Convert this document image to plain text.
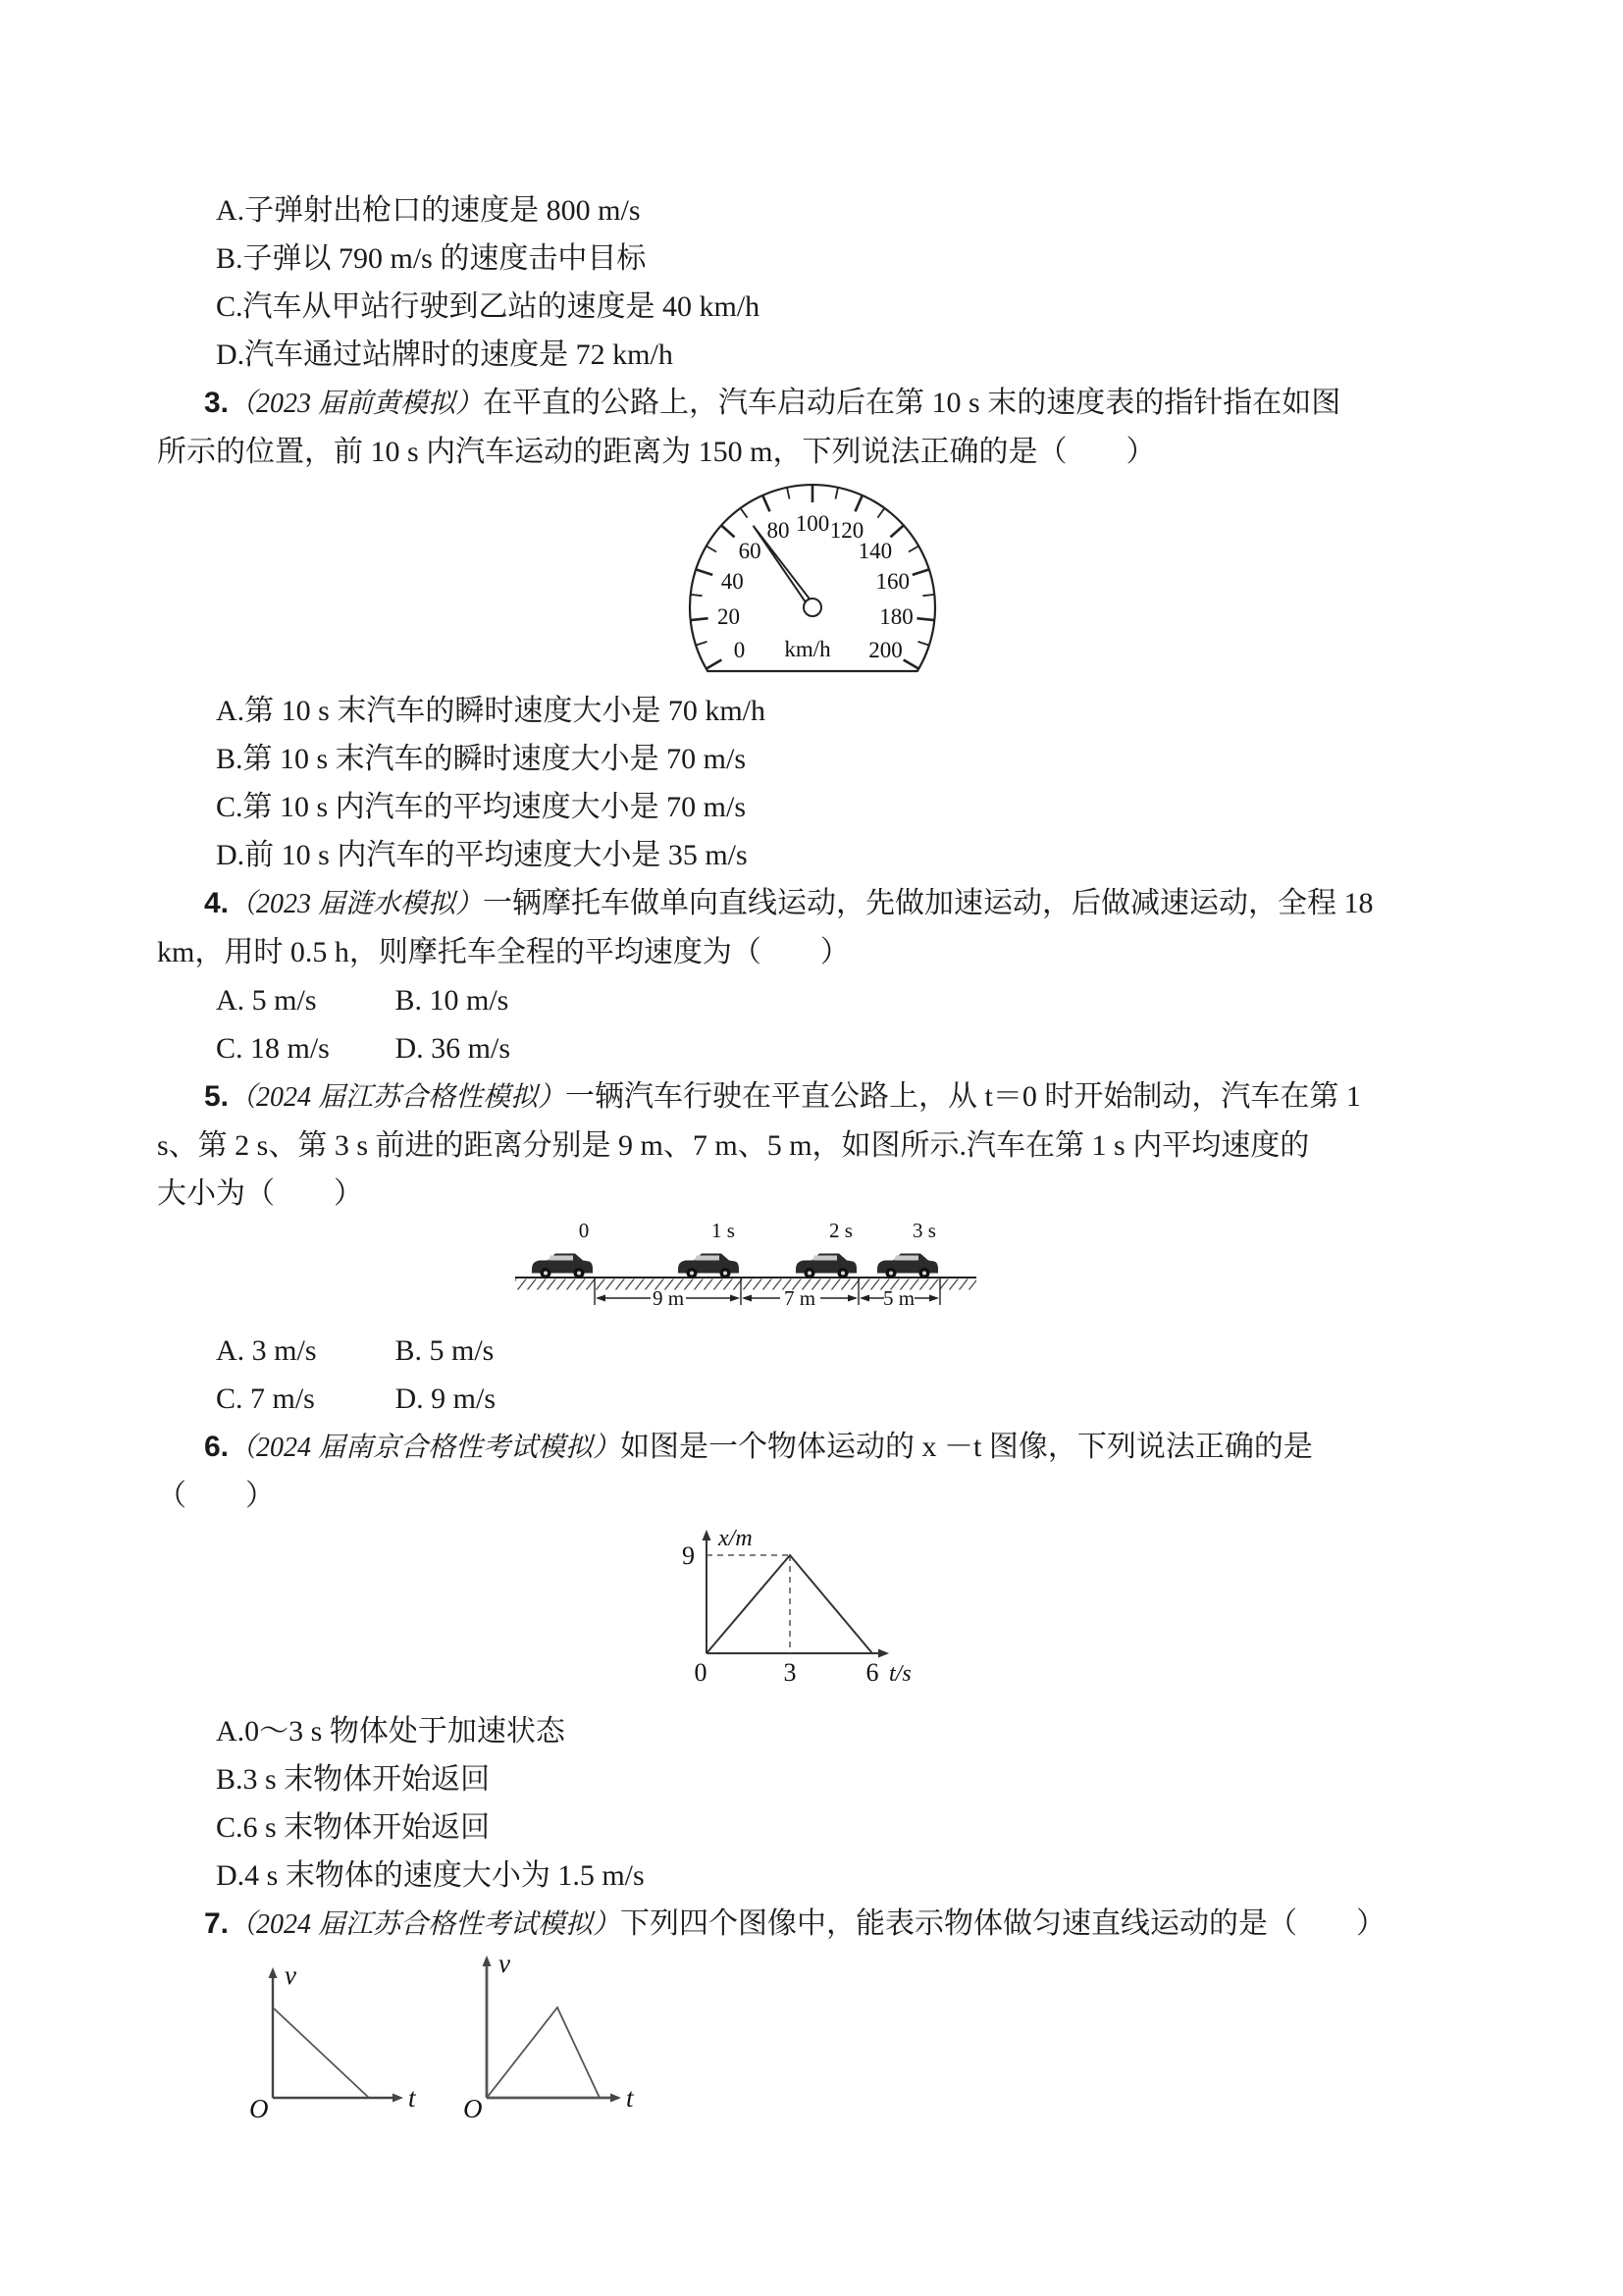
A.子弹射出枪口的速度是 800 m/s
B.子弹以 790 m/s 的速度击中目标
C.汽车从甲站行驶到乙站的速度是 40 km/h
D.汽车通过站牌时的速度是 72 km/h
3.（2023 届前黄模拟）在平直的公路上，汽车启动后在第 10 s 末的速度表的指针指在如图
所示的位置，前 10 s 内汽车运动的距离为 150 m，下列说法正确的是（　　）
0
20
40
60
80 100 120
140
160
180
200
km/h
A.第 10 s 末汽车的瞬时速度大小是 70 km/h
B.第 10 s 末汽车的瞬时速度大小是 70 m/s
C.第 10 s 内汽车的平均速度大小是 70 m/s
D.前 10 s 内汽车的平均速度大小是 35 m/s
4.（2023 届涟水模拟）一辆摩托车做单向直线运动，先做加速运动，后做减速运动，全程 18
km，用时 0.5 h，则摩托车全程的平均速度为（　　）
A. 5 m/s	B. 10 m/s
C. 18 m/s D. 36 m/s
5.（2024 届江苏合格性模拟）一辆汽车行驶在平直公路上，从 t＝0 时开始制动，汽车在第 1
s、第 2 s、第 3 s 前进的距离分别是 9 m、7 m、5 m，如图所示.汽车在第 1 s 内平均速度的
大小为（　　）
0	1 s	2 s	3 s
9 m	7 m	5 m
A. 3 m/s	B. 5 m/s
C. 7 m/s	D. 9 m/s
6.（2024 届南京合格性考试模拟）如图是一个物体运动的 x －t 图像，下列说法正确的是
（　　）
x/m
9
0	3	6 t/s
A.0～3 s 物体处于加速状态
B.3 s 末物体开始返回
C.6 s 末物体开始返回
D.4 s 末物体的速度大小为 1.5 m/s
7.（2024 届江苏合格性考试模拟）下列四个图像中，能表示物体做匀速直线运动的是（　　）
v
O	t
v
O	t
